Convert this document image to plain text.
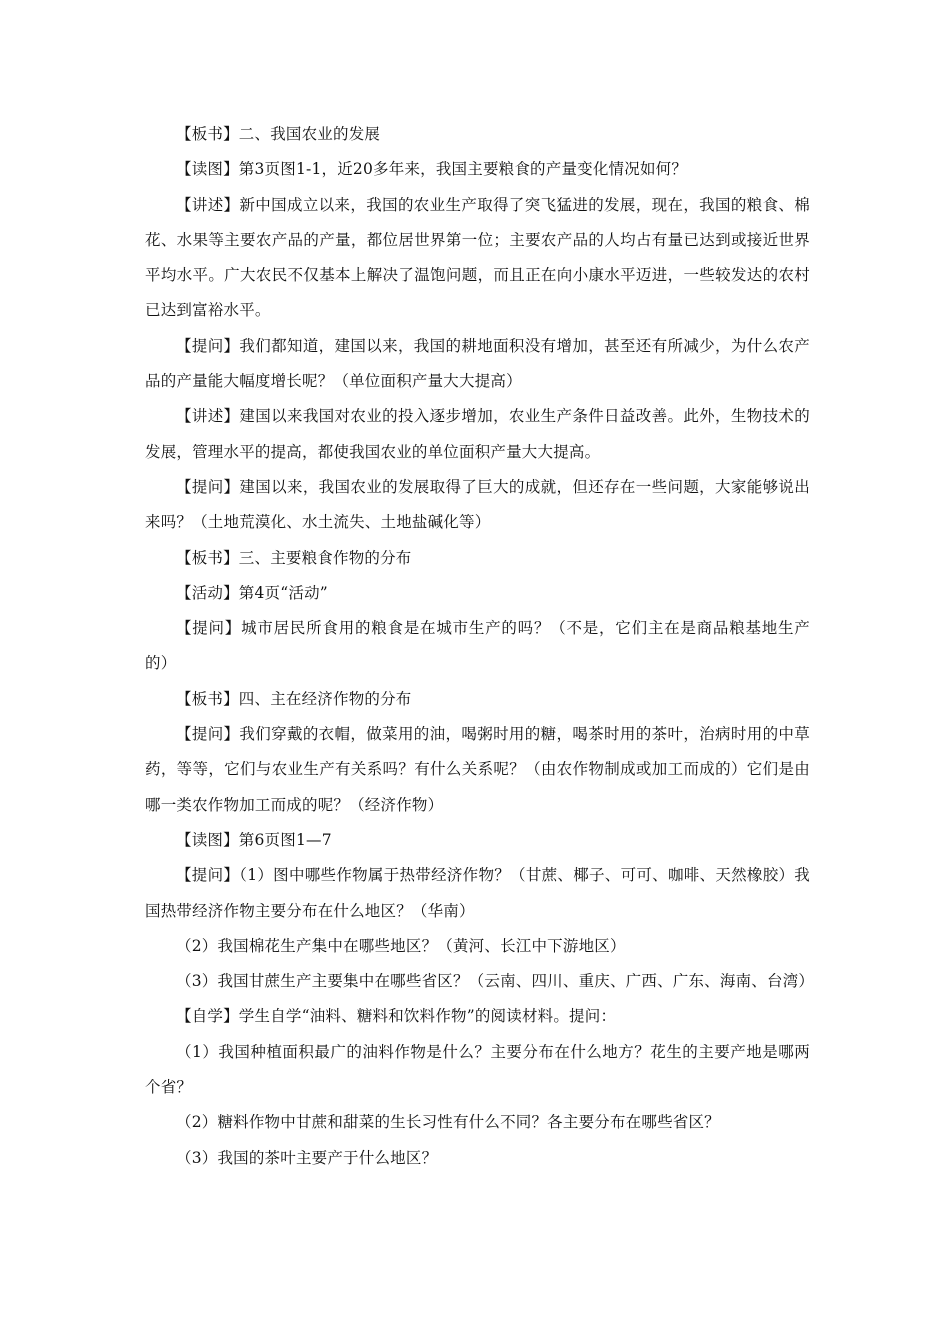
【板书】二、我国农业的发展

【读图】第3页图1-1，近20多年来，我国主要粮食的产量变化情况如何？

【讲述】新中国成立以来，我国的农业生产取得了突飞猛进的发展，现在，我国的粮食、棉花、水果等主要农产品的产量，都位居世界第一位；主要农产品的人均占有量已达到或接近世界平均水平。广大农民不仅基本上解决了温饱问题，而且正在向小康水平迈进，一些较发达的农村已达到富裕水平。

【提问】我们都知道，建国以来，我国的耕地面积没有增加，甚至还有所减少，为什么农产品的产量能大幅度增长呢？（单位面积产量大大提高）

【讲述】建国以来我国对农业的投入逐步增加，农业生产条件日益改善。此外，生物技术的发展，管理水平的提高，都使我国农业的单位面积产量大大提高。

【提问】建国以来，我国农业的发展取得了巨大的成就，但还存在一些问题，大家能够说出来吗？（土地荒漠化、水土流失、土地盐碱化等）

【板书】三、主要粮食作物的分布

【活动】第4页“活动”

【提问】城市居民所食用的粮食是在城市生产的吗？（不是，它们主在是商品粮基地生产的）

【板书】四、主在经济作物的分布

【提问】我们穿戴的衣帽，做菜用的油，喝粥时用的糖，喝茶时用的茶叶，治病时用的中草药，等等，它们与农业生产有关系吗？有什么关系呢？（由农作物制成或加工而成的）它们是由哪一类农作物加工而成的呢？（经济作物）

【读图】第6页图1—7

【提问】（1）图中哪些作物属于热带经济作物？（甘蔗、椰子、可可、咖啡、天然橡胶）我国热带经济作物主要分布在什么地区？（华南）

（2）我国棉花生产集中在哪些地区？（黄河、长江中下游地区）

（3）我国甘蔗生产主要集中在哪些省区？（云南、四川、重庆、广西、广东、海南、台湾）

【自学】学生自学“油料、糖料和饮料作物”的阅读材料。提问：

（1）我国种植面积最广的油料作物是什么？主要分布在什么地方？花生的主要产地是哪两个省？

（2）糖料作物中甘蔗和甜菜的生长习性有什么不同？各主要分布在哪些省区？

（3）我国的茶叶主要产于什么地区？
